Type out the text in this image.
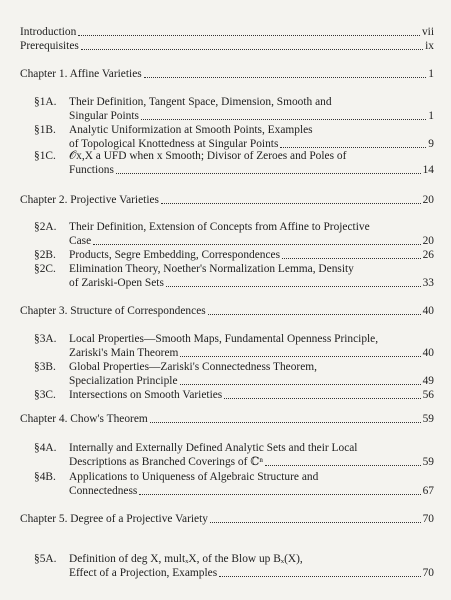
Introduction	vii
Prerequisites	ix
Chapter 1. Affine Varieties	1
§1A. Their Definition, Tangent Space, Dimension, Smooth and
Singular Points	1
§1B. Analytic Uniformization at Smooth Points, Examples
of Topological Knottedness at Singular Points	9
§1C. 𝒪x,X a UFD when x Smooth; Divisor of Zeroes and Poles of
Functions	14
Chapter 2. Projective Varieties	20
§2A. Their Definition, Extension of Concepts from Affine to Projective
Case	20
§2B. Products, Segre Embedding, Correspondences	26
§2C. Elimination Theory, Noether's Normalization Lemma, Density
of Zariski-Open Sets	33
Chapter 3. Structure of Correspondences	40
§3A. Local Properties—Smooth Maps, Fundamental Openness Principle,
Zariski's Main Theorem	40
§3B. Global Properties—Zariski's Connectedness Theorem,
Specialization Principle	49
§3C. Intersections on Smooth Varieties	56
Chapter 4. Chow's Theorem	59
§4A. Internally and Externally Defined Analytic Sets and their Local
Descriptions as Branched Coverings of ℂⁿ	59
§4B. Applications to Uniqueness of Algebraic Structure and
Connectedness	67
Chapter 5. Degree of a Projective Variety	70
§5A. Definition of deg X, multₓX, of the Blow up Bₓ(X),
Effect of a Projection, Examples	70
